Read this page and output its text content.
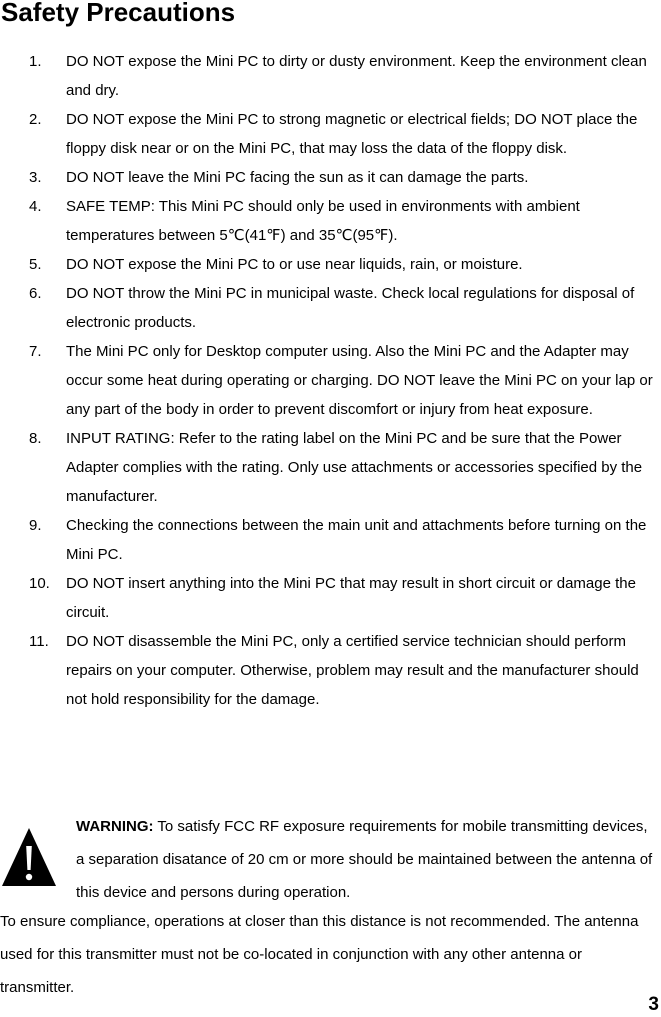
Safety Precautions
1. DO NOT expose the Mini PC to dirty or dusty environment. Keep the environment clean and dry.
2. DO NOT expose the Mini PC to strong magnetic or electrical fields; DO NOT place the floppy disk near or on the Mini PC, that may loss the data of the floppy disk.
3. DO NOT leave the Mini PC facing the sun as it can damage the parts.
4. SAFE TEMP: This Mini PC should only be used in environments with ambient temperatures between 5℃(41℉) and 35℃(95℉).
5. DO NOT expose the Mini PC to or use near liquids, rain, or moisture.
6. DO NOT throw the Mini PC in municipal waste. Check local regulations for disposal of electronic products.
7. The Mini PC only for Desktop computer using. Also the Mini PC and the Adapter may occur some heat during operating or charging. DO NOT leave the Mini PC on your lap or any part of the body in order to prevent discomfort or injury from heat exposure.
8. INPUT RATING: Refer to the rating label on the Mini PC and be sure that the Power Adapter complies with the rating. Only use attachments or accessories specified by the manufacturer.
9. Checking the connections between the main unit and attachments before turning on the Mini PC.
10. DO NOT insert anything into the Mini PC that may result in short circuit or damage the circuit.
11. DO NOT disassemble the Mini PC, only a certified service technician should perform repairs on your computer. Otherwise, problem may result and the manufacturer should not hold responsibility for the damage.
WARNING: To satisfy FCC RF exposure requirements for mobile transmitting devices, a separation disatance of 20 cm or more should be maintained between the antenna of this device and persons during operation.
To ensure compliance, operations at closer than this distance is not recommended. The antenna used for this transmitter must not be co-located in conjunction with any other antenna or transmitter.
3
